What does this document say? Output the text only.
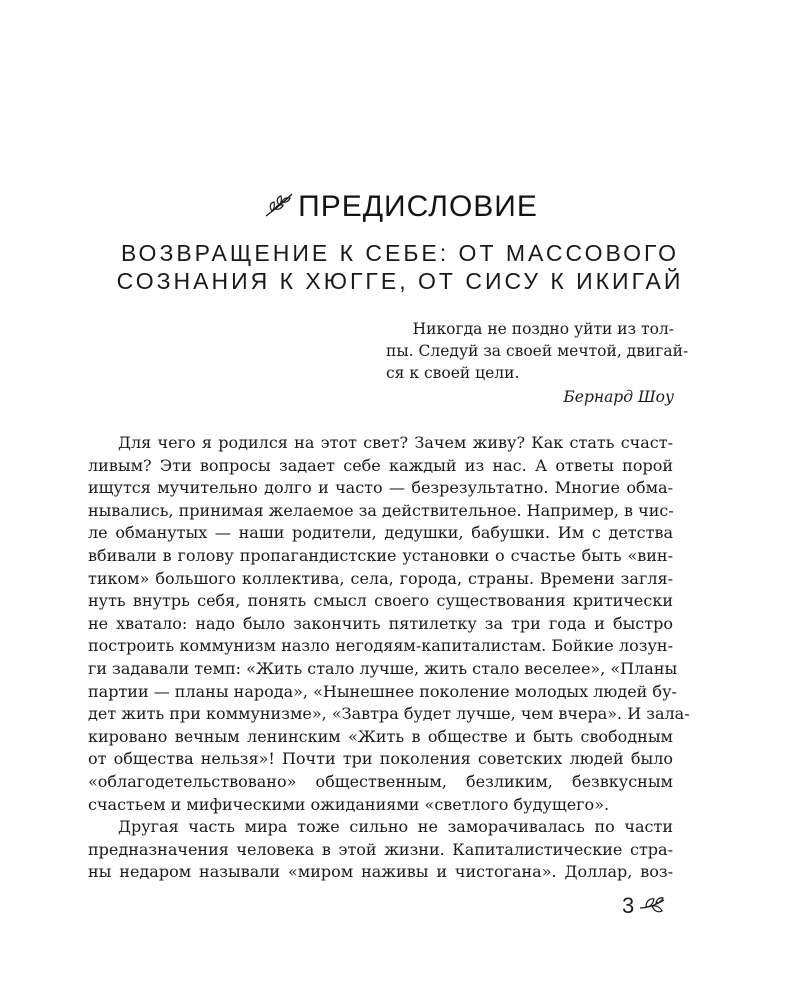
ПРЕДИСЛОВИЕ
ВОЗВРАЩЕНИЕ К СЕБЕ: ОТ МАССОВОГО
СОЗНАНИЯ К ХЮГГЕ, ОТ СИСУ К ИКИГАЙ
Никогда не поздно уйти из тол-
пы. Следуй за своей мечтой, двигай-
ся к своей цели.
Бернард Шоу
Для чего я родился на этот свет? Зачем живу? Как стать счаст-
ливым? Эти вопросы задает себе каждый из нас. А ответы порой
ищутся мучительно долго и часто — безрезультатно. Многие обма-
нывались, принимая желаемое за действительное. Например, в чис-
ле обманутых — наши родители, дедушки, бабушки. Им с детства
вбивали в голову пропагандистские установки о счастье быть «вин-
тиком» большого коллектива, села, города, страны. Времени загля-
нуть внутрь себя, понять смысл своего существования критически
не хватало: надо было закончить пятилетку за три года и быстро
построить коммунизм назло негодяям-капиталистам. Бойкие лозун-
ги задавали темп: «Жить стало лучше, жить стало веселее», «Планы
партии — планы народа», «Нынешнее поколение молодых людей бу-
дет жить при коммунизме», «Завтра будет лучше, чем вчера». И зала-
кировано вечным ленинским «Жить в обществе и быть свободным
от общества нельзя»! Почти три поколения советских людей было
«облагодетельствовано» общественным, безликим, безвкусным
счастьем и мифическими ожиданиями «светлого будущего».
Другая часть мира тоже сильно не заморачивалась по части
предназначения человека в этой жизни. Капиталистические стра-
ны недаром называли «миром наживы и чистогана». Доллар, воз-
3
